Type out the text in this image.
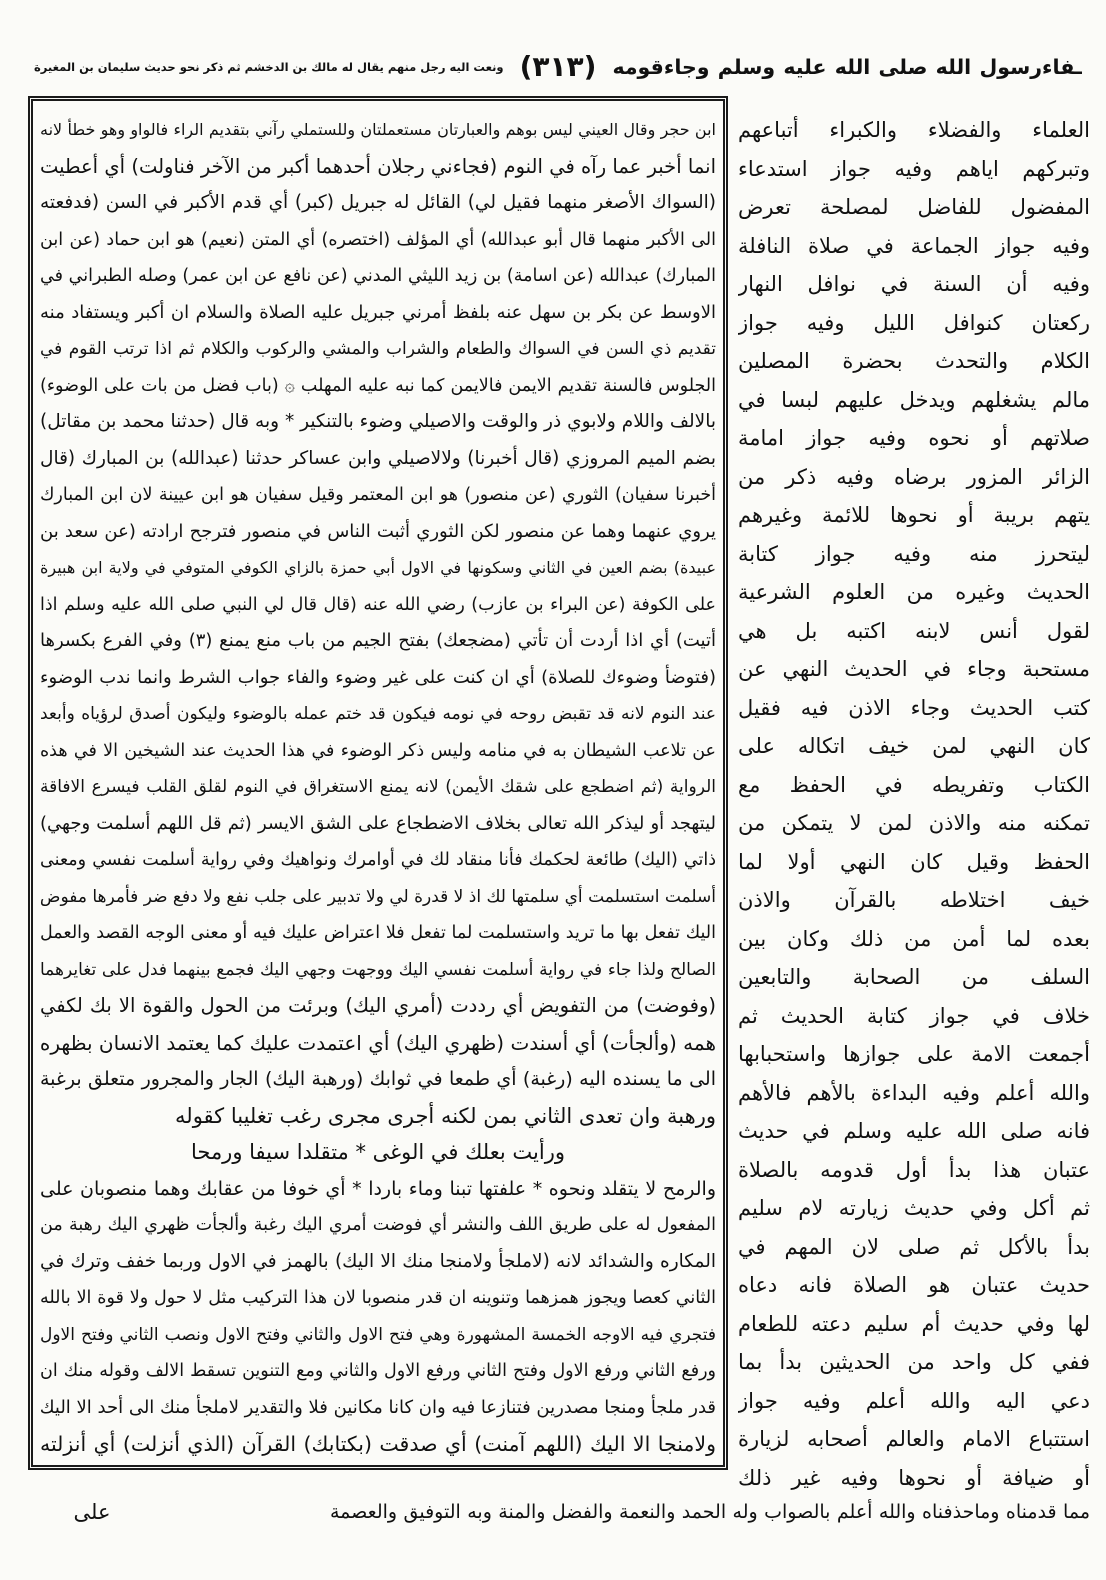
ـفاءرسول الله صلى الله عليه وسلم وجاءقومه
(٣١٣)
ونعت اليه رجل منهم يقال له مالك بن الدخشم ثم ذكر نحو حديث سليمان بن المغيرة
ابن حجر وقال العيني ليس بوهم والعبارتان مستعملتان وللستملي رآني بتقديم الراء فالواو وهو خطأ لانه
انما أخبر عما رآه في النوم (فجاءني رجلان أحدهما أكبر من الآخر فناولت) أي أعطيت
(السواك الأصغر منهما فقيل لي) القائل له جبريل (كبر) أي قدم الأكبر في السن (فدفعته
الى الأكبر منهما قال أبو عبدالله) أي المؤلف (اختصره) أي المتن (نعيم) هو ابن حماد (عن ابن
المبارك) عبدالله (عن اسامة) بن زيد الليثي المدني (عن نافع عن ابن عمر) وصله الطبراني في
الاوسط عن بكر بن سهل عنه بلفظ أمرني جبريل عليه الصلاة والسلام ان أكبر ويستفاد منه
تقديم ذي السن في السواك والطعام والشراب والمشي والركوب والكلام ثم اذا ترتب القوم في
الجلوس فالسنة تقديم الايمن فالايمن كما نبه عليه المهلب ۞ (باب فضل من بات على الوضوء)
بالالف واللام ولابوي ذر والوقت والاصيلي وضوء بالتنكير * وبه قال (حدثنا محمد بن مقاتل)
بضم الميم المروزي (قال أخبرنا) ولالاصيلي وابن عساكر حدثنا (عبدالله) بن المبارك (قال
أخبرنا سفيان) الثوري (عن منصور) هو ابن المعتمر وقيل سفيان هو ابن عيينة لان ابن المبارك
يروي عنهما وهما عن منصور لكن الثوري أثبت الناس في منصور فترجح ارادته (عن سعد بن
عبيدة) بضم العين في الثاني وسكونها في الاول أبي حمزة بالزاي الكوفي المتوفي في ولاية ابن هبيرة
على الكوفة (عن البراء بن عازب) رضي الله عنه (قال قال لي النبي صلى الله عليه وسلم اذا
أتيت) أي اذا أردت أن تأتي (مضجعك) بفتح الجيم من باب منع يمنع (٣) وفي الفرع بكسرها
(فتوضأ وضوءك للصلاة) أي ان كنت على غير وضوء والفاء جواب الشرط وانما ندب الوضوء
عند النوم لانه قد تقبض روحه في نومه فيكون قد ختم عمله بالوضوء وليكون أصدق لرؤياه وأبعد
عن تلاعب الشيطان به في منامه وليس ذكر الوضوء في هذا الحديث عند الشيخين الا في هذه
الرواية (ثم اضطجع على شقك الأيمن) لانه يمنع الاستغراق في النوم لقلق القلب فيسرع الافاقة
ليتهجد أو ليذكر الله تعالى بخلاف الاضطجاع على الشق الايسر (ثم قل اللهم أسلمت وجهي)
ذاتي (اليك) طائعة لحكمك فأنا منقاد لك في أوامرك ونواهيك وفي رواية أسلمت نفسي ومعنى
أسلمت استسلمت أي سلمتها لك اذ لا قدرة لي ولا تدبير على جلب نفع ولا دفع ضر فأمرها مفوض
اليك تفعل بها ما تريد واستسلمت لما تفعل فلا اعتراض عليك فيه أو معنى الوجه القصد والعمل
الصالح ولذا جاء في رواية أسلمت نفسي اليك ووجهت وجهي اليك فجمع بينهما فدل على تغايرهما
(وفوضت) من التفويض أي رددت (أمري اليك) وبرئت من الحول والقوة الا بك لكفي
همه (وألجأت) أي أسندت (ظهري اليك) أي اعتمدت عليك كما يعتمد الانسان بظهره
الى ما يسنده اليه (رغبة) أي طمعا في ثوابك (ورهبة اليك) الجار والمجرور متعلق برغبة
ورهبة وان تعدى الثاني بمن لكنه أجرى مجرى رغب تغليبا كقوله
ورأيت بعلك في الوغى * متقلدا سيفا ورمحا
والرمح لا يتقلد ونحوه * علفتها تبنا وماء باردا * أي خوفا من عقابك وهما منصوبان على
المفعول له على طريق اللف والنشر أي فوضت أمري اليك رغبة وألجأت ظهري اليك رهبة من
المكاره والشدائد لانه (لاملجأ ولامنجا منك الا اليك) بالهمز في الاول وربما خفف وترك في
الثاني كعصا ويجوز همزهما وتنوينه ان قدر منصوبا لان هذا التركيب مثل لا حول ولا قوة الا بالله
فتجري فيه الاوجه الخمسة المشهورة وهي فتح الاول والثاني وفتح الاول ونصب الثاني وفتح الاول
ورفع الثاني ورفع الاول وفتح الثاني ورفع الاول والثاني ومع التنوين تسقط الالف وقوله منك ان
قدر ملجأ ومنجا مصدرين فتنازعا فيه وان كانا مكانين فلا والتقدير لاملجأ منك الى أحد الا اليك
ولامنجا الا اليك (اللهم آمنت) أي صدقت (بكتابك) القرآن (الذي أنزلت) أي أنزلته
العلماء والفضلاء والكبراء أتباعهم
وتبركهم اياهم وفيه جواز استدعاء
المفضول للفاضل لمصلحة تعرض
وفيه جواز الجماعة في صلاة النافلة
وفيه أن السنة في نوافل النهار
ركعتان كنوافل الليل وفيه جواز
الكلام والتحدث بحضرة المصلين
مالم يشغلهم ويدخل عليهم لبسا في
صلاتهم أو نحوه وفيه جواز امامة
الزائر المزور برضاه وفيه ذكر من
يتهم بريبة أو نحوها للائمة وغيرهم
ليتحرز منه وفيه جواز كتابة
الحديث وغيره من العلوم الشرعية
لقول أنس لابنه اكتبه بل هي
مستحبة وجاء في الحديث النهي عن
كتب الحديث وجاء الاذن فيه فقيل
كان النهي لمن خيف اتكاله على
الكتاب وتفريطه في الحفظ مع
تمكنه منه والاذن لمن لا يتمكن من
الحفظ وقيل كان النهي أولا لما
خيف اختلاطه بالقرآن والاذن
بعده لما أمن من ذلك وكان بين
السلف من الصحابة والتابعين
خلاف في جواز كتابة الحديث ثم
أجمعت الامة على جوازها واستحبابها
والله أعلم وفيه البداءة بالأهم فالأهم
فانه صلى الله عليه وسلم في حديث
عتبان هذا بدأ أول قدومه بالصلاة
ثم أكل وفي حديث زيارته لام سليم
بدأ بالأكل ثم صلى لان المهم في
حديث عتبان هو الصلاة فانه دعاه
لها وفي حديث أم سليم دعته للطعام
ففي كل واحد من الحديثين بدأ بما
دعي اليه والله أعلم وفيه جواز
استتباع الامام والعالم أصحابه لزيارة
أو ضيافة أو نحوها وفيه غير ذلك
مما قدمناه وماحذفناه والله أعلم بالصواب وله الحمد والنعمة والفضل والمنة وبه التوفيق والعصمة
على
